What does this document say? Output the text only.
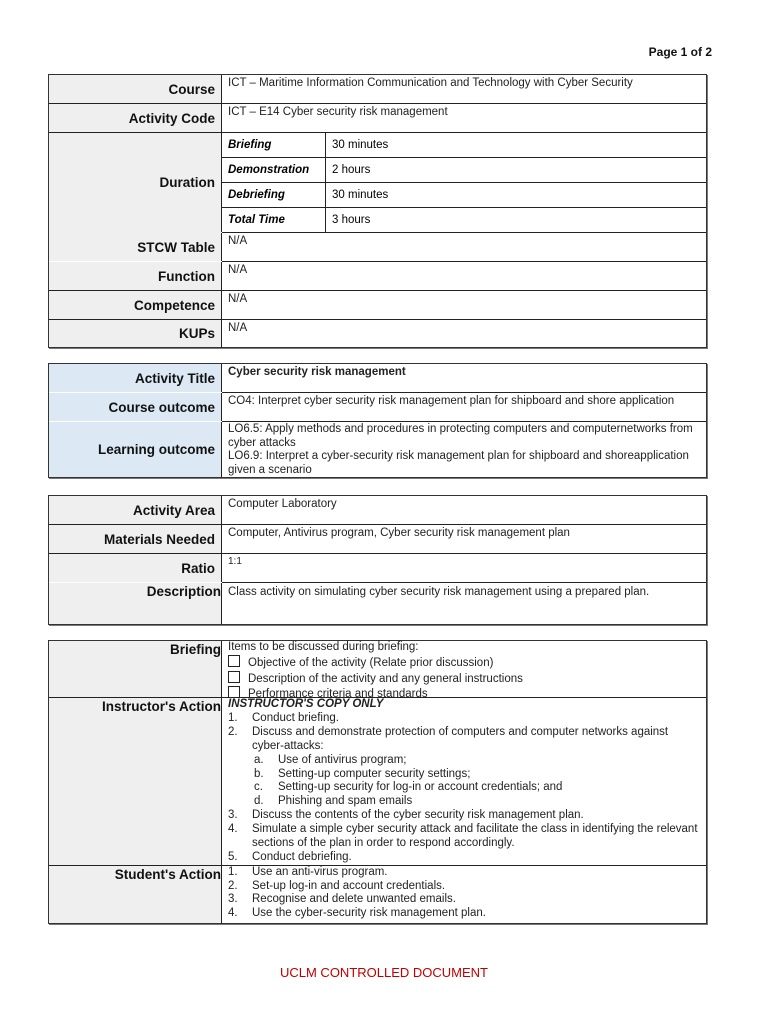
Page 1 of 2
Course	ICT – Maritime Information Communication and Technology with Cyber Security
Activity Code	ICT – E14 Cyber security risk management
Duration
Briefing	30 minutes
Demonstration	2 hours
Debriefing	30 minutes
Total Time	3 hours
STCW Table	N/A
Function	N/A
Competence	N/A
KUPs	N/A
Activity Title	Cyber security risk management
Course outcome	CO4: Interpret cyber security risk management plan for shipboard and shore application
Learning outcome
LO6.5: Apply methods and procedures in protecting computers and computernetworks from cyber attacks
LO6.9: Interpret a cyber-security risk management plan for shipboard and shoreapplication given a scenario
Activity Area	Computer Laboratory
Materials Needed	Computer, Antivirus program, Cyber security risk management plan
Ratio	1:1
Description Class activity on simulating cyber security risk management using a prepared plan.
Briefing Items to be discussed during briefing:
Objective of the activity (Relate prior discussion)
Description of the activity and any general instructions
Performance criteria and standards
Instructor's Action INSTRUCTOR'S COPY ONLY
1.	Conduct briefing.
2.	Discuss and demonstrate protection of computers and computer networks against cyber-attacks:
a.	Use of antivirus program;
b.	Setting-up computer security settings;
c.	Setting-up security for log-in or account credentials; and
d.	Phishing and spam emails
3.	Discuss the contents of the cyber security risk management plan.
4.	Simulate a simple cyber security attack and facilitate the class in identifying the relevant sections of the plan in order to respond accordingly.
5.	Conduct debriefing.
Student's Action 1.	Use an anti-virus program.
2.	Set-up log-in and account credentials.
3.	Recognise and delete unwanted emails.
4.	Use the cyber-security risk management plan.
UCLM CONTROLLED DOCUMENT
